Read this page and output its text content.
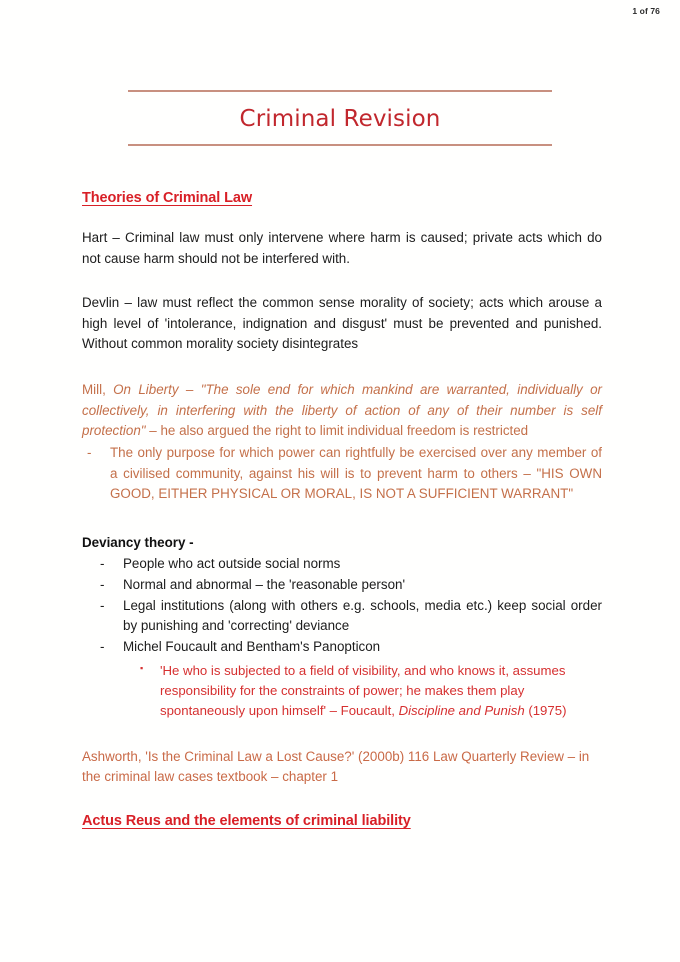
1 of 76
Criminal Revision
Theories of Criminal Law

Hart – Criminal law must only intervene where harm is caused; private acts which do not cause harm should not be interfered with.

Devlin – law must reflect the common sense morality of society; acts which arouse a high level of 'intolerance, indignation and disgust' must be prevented and punished. Without common morality society disintegrates

Mill, On Liberty – "The sole end for which mankind are warranted, individually or collectively, in interfering with the liberty of action of any of their number is self protection" – he also argued the right to limit individual freedom is restricted

- The only purpose for which power can rightfully be exercised over any member of a civilised community, against his will is to prevent harm to others – "HIS OWN GOOD, EITHER PHYSICAL OR MORAL, IS NOT A SUFFICIENT WARRANT"
Deviancy theory -
- People who act outside social norms
- Normal and abnormal – the 'reasonable person'
- Legal institutions (along with others e.g. schools, media etc.) keep social order by punishing and 'correcting' deviance
- Michel Foucault and Bentham's Panopticon
▪ 'He who is subjected to a field of visibility, and who knows it, assumes responsibility for the constraints of power; he makes them play spontaneously upon himself' – Foucault, Discipline and Punish (1975)

Ashworth, 'Is the Criminal Law a Lost Cause?' (2000b) 116 Law Quarterly Review – in the criminal law cases textbook – chapter 1

Actus Reus and the elements of criminal liability
